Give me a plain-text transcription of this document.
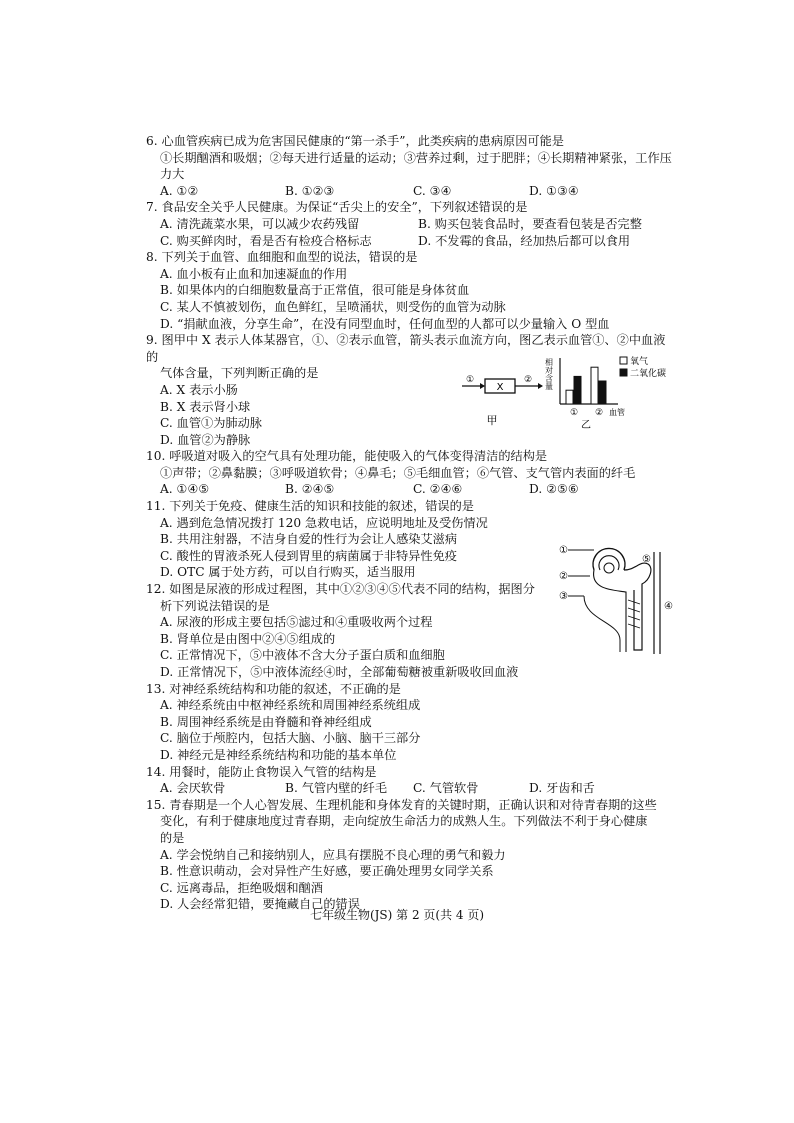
6. 心血管疾病已成为危害国民健康的“第一杀手”，此类疾病的患病原因可能是
①长期酗酒和吸烟；②每天进行适量的运动；③营养过剩，过于肥胖；④长期精神紧张，工作压
力大
A. ①②	B. ①②③	C. ③④	D. ①③④
7. 食品安全关乎人民健康。为保证“舌尖上的安全”，下列叙述错误的是
A. 清洗蔬菜水果，可以减少农药残留	B. 购买包装食品时，要查看包装是否完整
C. 购买鲜肉时，看是否有检疫合格标志	D. 不发霉的食品，经加热后都可以食用
8. 下列关于血管、血细胞和血型的说法，错误的是
A. 血小板有止血和加速凝血的作用
B. 如果体内的白细胞数量高于正常值，很可能是身体贫血
C. 某人不慎被划伤，血色鲜红，呈喷涌状，则受伤的血管为动脉
D. “捐献血液，分享生命”，在没有同型血时，任何血型的人都可以少量输入 O 型血
9. 图甲中 X 表示人体某器官，①、②表示血管，箭头表示血流方向，图乙表示血管①、②中血液的
气体含量，下列判断正确的是
A. X 表示小肠
B. X 表示肾小球
C. 血管①为肺动脉
D. 血管②为静脉
10. 呼吸道对吸入的空气具有处理功能，能使吸入的气体变得清洁的结构是
①声带；②鼻黏膜；③呼吸道软骨；④鼻毛；⑤毛细血管；⑥气管、支气管内表面的纤毛
A. ①④⑤	B. ②④⑤	C. ②④⑥	D. ②⑤⑥
11. 下列关于免疫、健康生活的知识和技能的叙述，错误的是
A. 遇到危急情况拨打 120 急救电话，应说明地址及受伤情况
B. 共用注射器，不洁身自爱的性行为会让人感染艾滋病
C. 酸性的胃液杀死人侵到胃里的病菌属于非特异性免疫
D. OTC 属于处方药，可以自行购买，适当服用
12. 如图是尿液的形成过程图，其中①②③④⑤代表不同的结构，据图分
析下列说法错误的是
A. 尿液的形成主要包括⑤滤过和④重吸收两个过程
B. 肾单位是由图中②④⑤组成的
C. 正常情况下，⑤中液体不含大分子蛋白质和血细胞
D. 正常情况下，⑤中液体流经④时，全部葡萄糖被重新吸收回血液
13. 对神经系统结构和功能的叙述，不正确的是
A. 神经系统由中枢神经系统和周围神经系统组成
B. 周围神经系统是由脊髓和脊神经组成
C. 脑位于颅腔内，包括大脑、小脑、脑干三部分
D. 神经元是神经系统结构和功能的基本单位
14. 用餐时，能防止食物误入气管的结构是
A. 会厌软骨	B. 气管内壁的纤毛	C. 气管软骨	D. 牙齿和舌
15. 青春期是一个人心智发展、生理机能和身体发育的关键时期，正确认识和对待青春期的这些
变化，有利于健康地度过青春期，走向绽放生命活力的成熟人生。下列做法不利于身心健康
的是
A. 学会悦纳自己和接纳别人，应具有摆脱不良心理的勇气和毅力
B. 性意识萌动，会对异性产生好感，要正确处理男女同学关系
C. 远离毒品，拒绝吸烟和酗酒
D. 人会经常犯错，要掩藏自己的错误
X
①	②
甲
相对含量
① ② 血管
乙
氧气
二氧化碳
①
②
③
④
⑤
七年级生物(JS) 第 2 页(共 4 页)
